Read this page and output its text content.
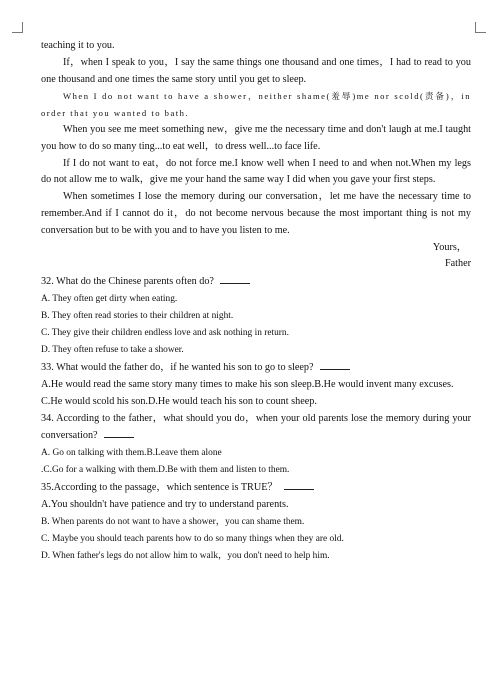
teaching it to you.

If，when I speak to you，I say the same things one thousand and one times，I had to read to you one thousand and one times the same story until you get to sleep.

When I do not want to have a shower，neither shame(羞辱)me nor scold(责备)，in order that you wanted to bath.

When you see me meet something new，give me the necessary time and don't laugh at me.I taught you how to do so many ting...to eat well，to dress well...to face life.

If I do not want to eat，do not force me.I know well when I need to and when not.When my legs do not allow me to walk，give me your hand the same way I did when you gave your first steps.

When sometimes I lose the memory during our conversation，let me have the necessary time to remember.And if I cannot do it，do not become nervous because the most important thing is not my conversation but to be with you and to have you listen to me.

Yours，

Father

32. What do the Chinese parents often do?

A. They often get dirty when eating.

B. They often read stories to their children at night.

C. They give their children endless love and ask nothing in return.

D. They often refuse to take a shower.

33. What would the father do，if he wanted his son to go to sleep?

A.He would read the same story many times to make his son sleep.B.He would invent many excuses.

C.He would scold his son.D.He would teach his son to count sheep.

34. According to the father，what should you do，when your old parents lose the memory during your conversation?

A. Go on talking with them.B.Leave them alone

.C.Go for a walking with them.D.Be with them and listen to them.

35.According to the passage，which sentence is TRUE？

A.You shouldn't have patience and try to understand parents.

B. When parents do not want to have a shower，you can shame them.

C. Maybe you should teach parents how to do so many things when they are old.

D. When father's legs do not allow him to walk，you don't need to help him.
